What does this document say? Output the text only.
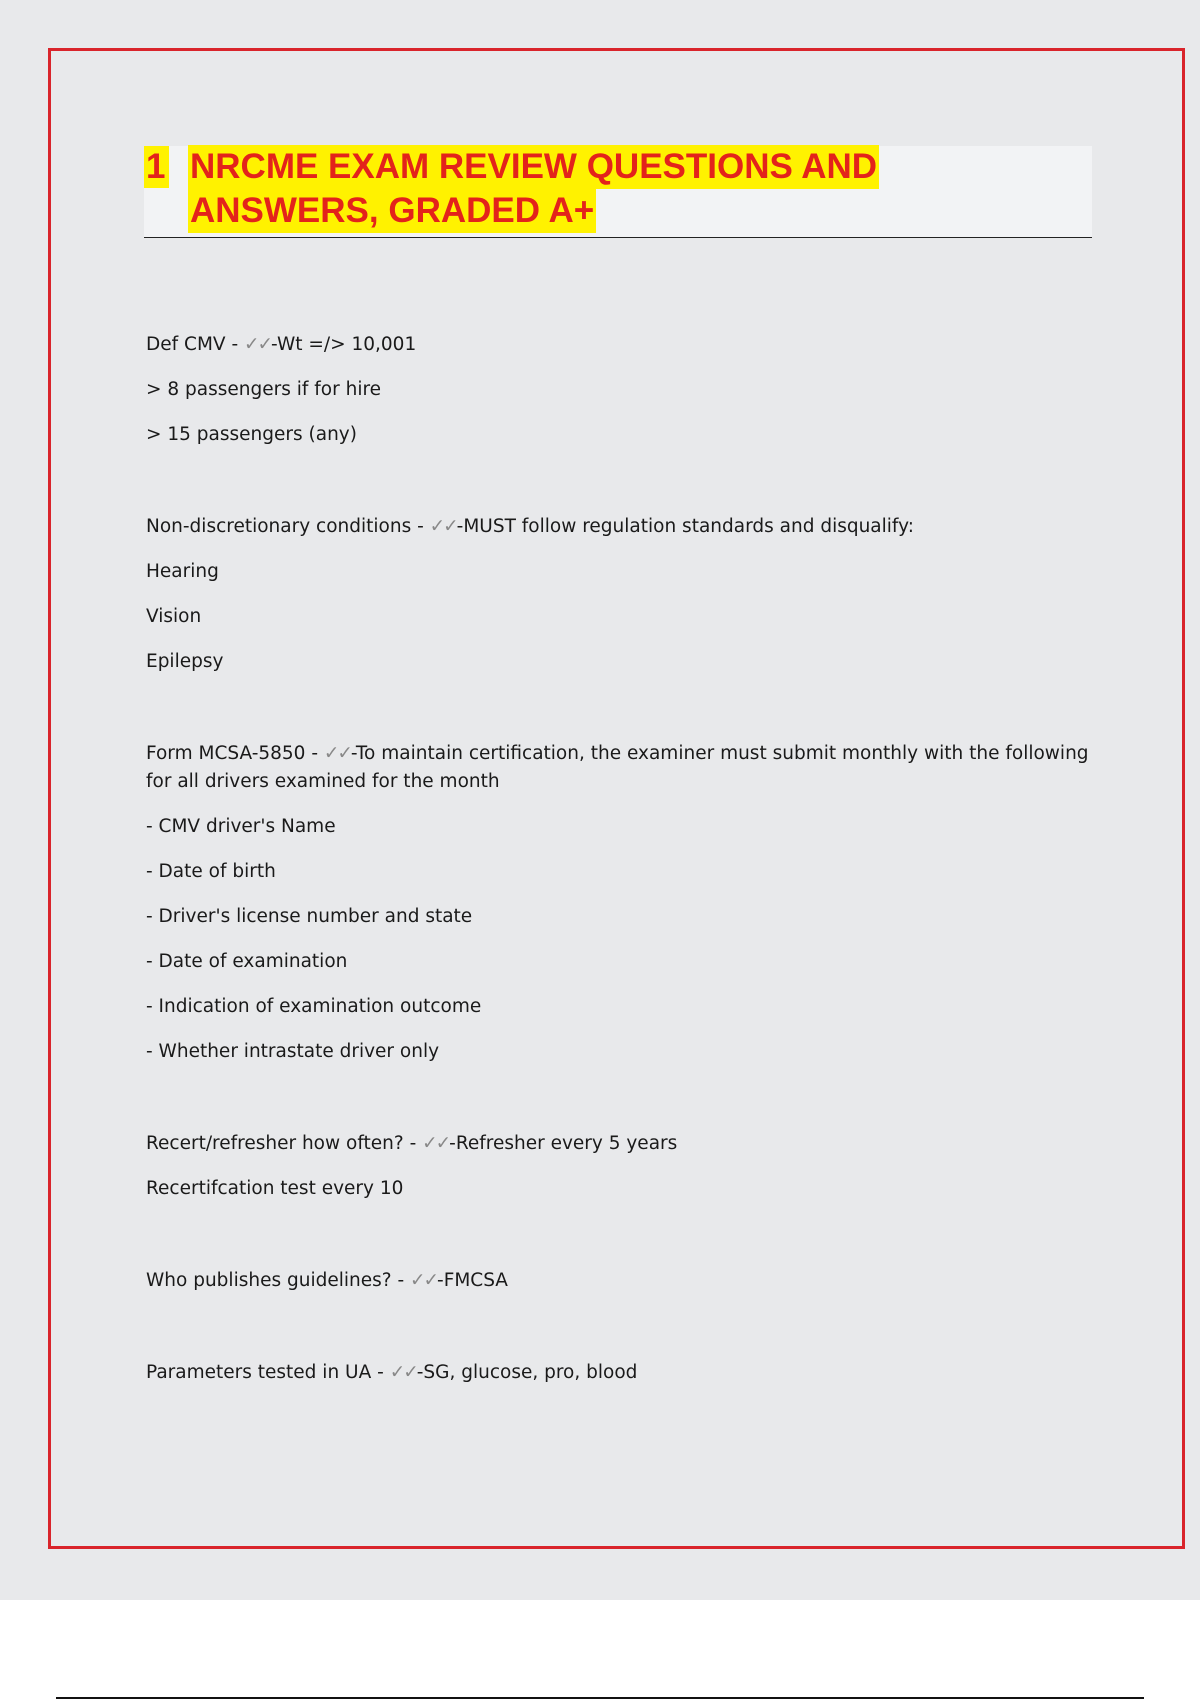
1 NRCME EXAM REVIEW QUESTIONS AND
ANSWERS, GRADED A+

Def CMV - ✓✓-Wt =/> 10,001

> 8 passengers if for hire

> 15 passengers (any)

Non-discretionary conditions - ✓✓-MUST follow regulation standards and disqualify:

Hearing

Vision

Epilepsy

Form MCSA-5850 - ✓✓-To maintain certification, the examiner must submit monthly with the following for all drivers examined for the month

- CMV driver's Name

- Date of birth

- Driver's license number and state

- Date of examination

- Indication of examination outcome

- Whether intrastate driver only

Recert/refresher how often? - ✓✓-Refresher every 5 years

Recertifcation test every 10

Who publishes guidelines? - ✓✓-FMCSA

Parameters tested in UA - ✓✓-SG, glucose, pro, blood
